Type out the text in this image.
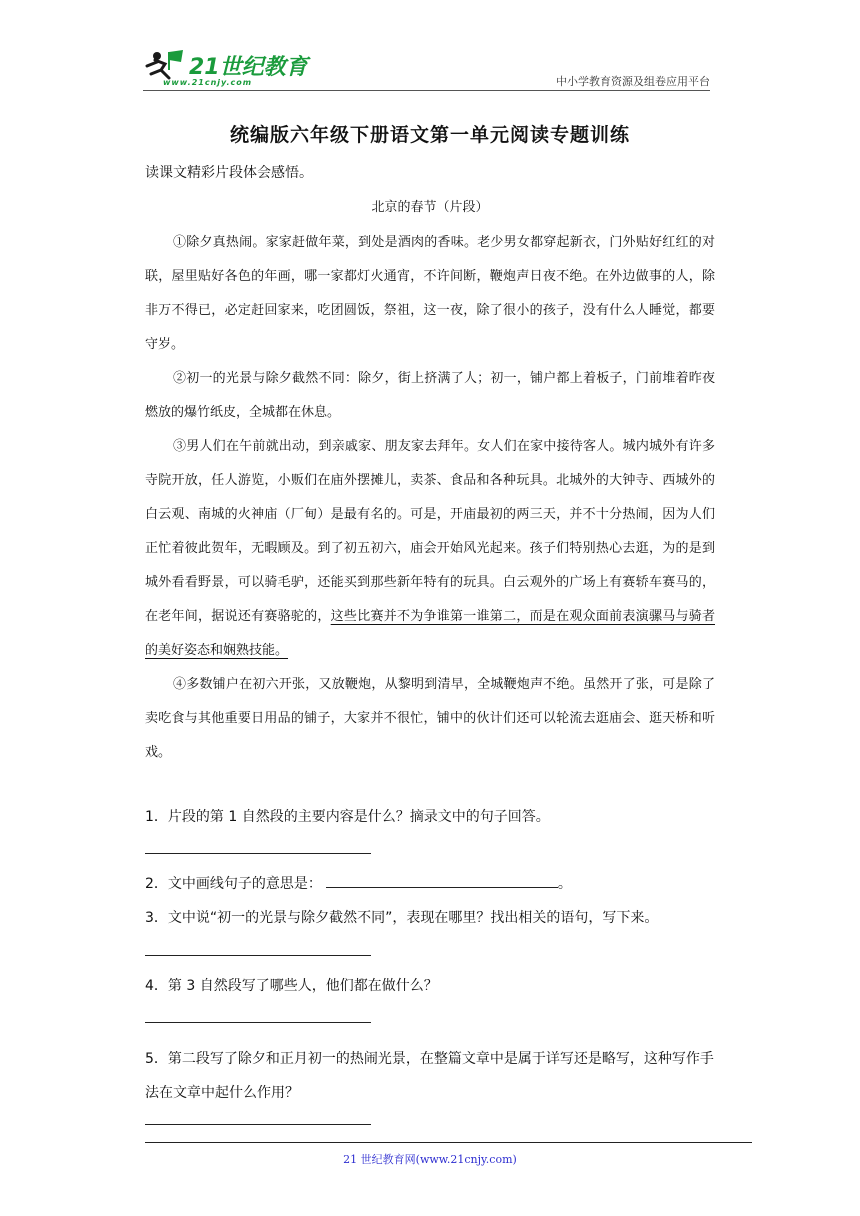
21世纪教育
www.21cnjy.com	中小学教育资源及组卷应用平台
统编版六年级下册语文第一单元阅读专题训练
读课文精彩片段体会感悟。
北京的春节（片段）

①除夕真热闹。家家赶做年菜，到处是酒肉的香味。老少男女都穿起新衣，门外贴好红红的对联，屋里贴好各色的年画，哪一家都灯火通宵，不许间断，鞭炮声日夜不绝。在外边做事的人，除非万不得已，必定赶回家来，吃团圆饭，祭祖，这一夜，除了很小的孩子，没有什么人睡觉，都要守岁。

②初一的光景与除夕截然不同：除夕，街上挤满了人；初一，铺户都上着板子，门前堆着昨夜燃放的爆竹纸皮，全城都在休息。

③男人们在午前就出动，到亲戚家、朋友家去拜年。女人们在家中接待客人。城内城外有许多寺院开放，任人游览，小贩们在庙外摆摊儿，卖茶、食品和各种玩具。北城外的大钟寺、西城外的白云观、南城的火神庙（厂甸）是最有名的。可是，开庙最初的两三天，并不十分热闹，因为人们正忙着彼此贺年，无暇顾及。到了初五初六，庙会开始风光起来。孩子们特别热心去逛，为的是到城外看看野景，可以骑毛驴，还能买到那些新年特有的玩具。白云观外的广场上有赛轿车赛马的，在老年间，据说还有赛骆驼的，这些比赛并不为争谁第一谁第二，而是在观众面前表演骡马与骑者的美好姿态和娴熟技能。

④多数铺户在初六开张，又放鞭炮，从黎明到清早，全城鞭炮声不绝。虽然开了张，可是除了卖吃食与其他重要日用品的铺子，大家并不很忙，铺中的伙计们还可以轮流去逛庙会、逛天桥和听戏。

1．片段的第 1 自然段的主要内容是什么？摘录文中的句子回答。
2．文中画线句子的意思是：	。
3．文中说“初一的光景与除夕截然不同”，表现在哪里？找出相关的语句，写下来。
4．第 3 自然段写了哪些人，他们都在做什么？
5．第二段写了除夕和正月初一的热闹光景，在整篇文章中是属于详写还是略写，这种写作手法在文章中起什么作用？
21 世纪教育网(www.21cnjy.com)
